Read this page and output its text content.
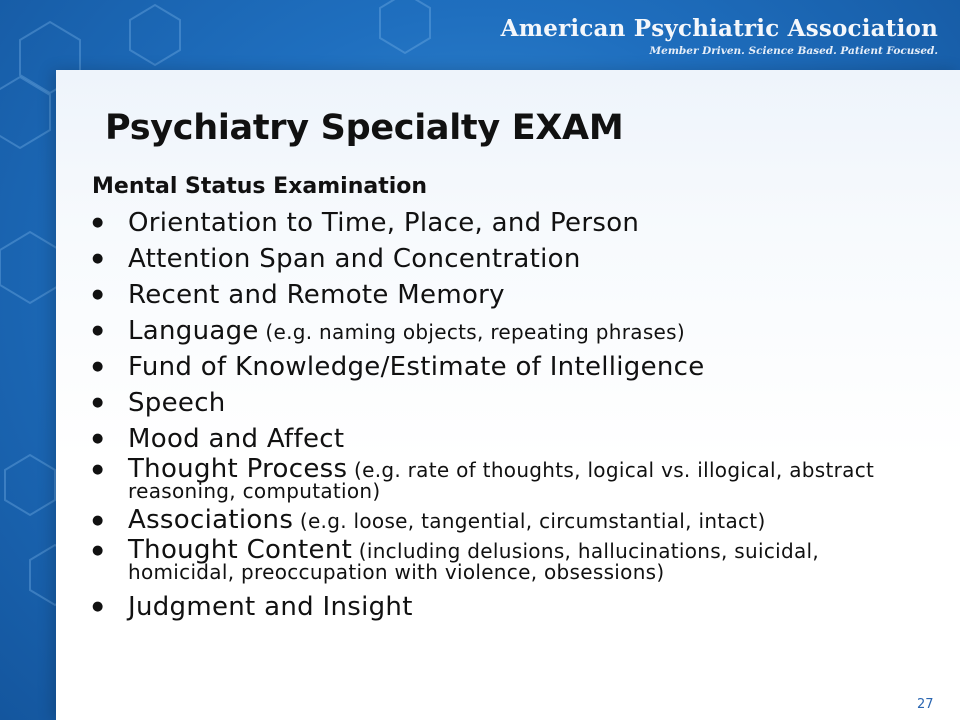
American Psychiatric Association
Member Driven. Science Based. Patient Focused.
Psychiatry Specialty EXAM
Mental Status Examination
● Orientation to Time, Place, and Person
● Attention Span and Concentration
● Recent and Remote Memory
● Language (e.g. naming objects, repeating phrases)
● Fund of Knowledge/Estimate of Intelligence
● Speech
● Mood and Affect
● Thought Process (e.g. rate of thoughts, logical vs. illogical, abstract reasoning, computation)
● Associations (e.g. loose, tangential, circumstantial, intact)
● Thought Content (including delusions, hallucinations, suicidal, homicidal, preoccupation with violence, obsessions)
● Judgment and Insight
27
